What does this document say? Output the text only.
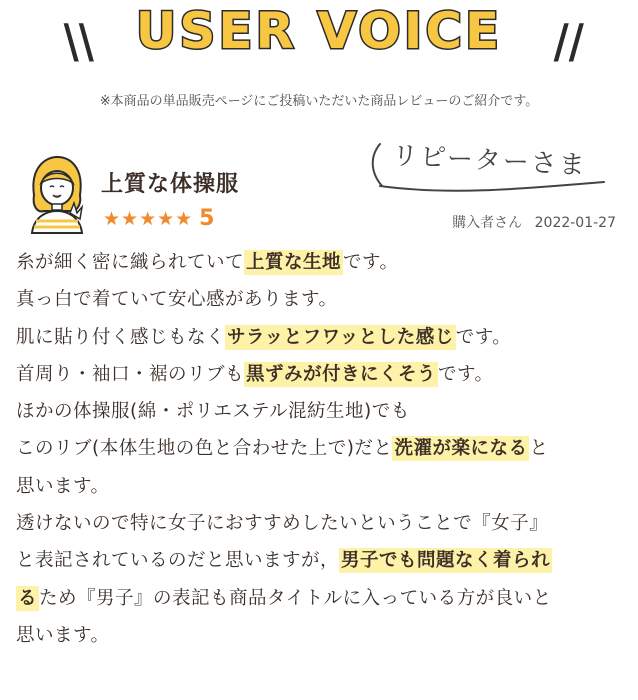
\\ USER VOICE	//
※本商品の単品販売ページにご投稿いただいた商品レビューのご紹介です。
リピーターさま
上質な体操服
★★★★★ 5	購入者さん 2022-01-27
糸が細く密に織られていて 上質な生地 です。
真っ白で着ていて安心感があります。
肌に貼り付く感じもなく サラッとフワッとした感じ です。
首周り・袖口・裾のリブも 黒ずみが付きにくそう です。
ほかの体操服(綿・ポリエステル混紡生地)でも
このリブ(本体生地の色と合わせた上で)だと 洗濯が楽になる と
思います。
透けないので特に女子におすすめしたいということで『女子』
と表記されているのだと思いますが， 男子でも問題なく着られ
る ため『男子』の表記も商品タイトルに入っている方が良いと
思います。
